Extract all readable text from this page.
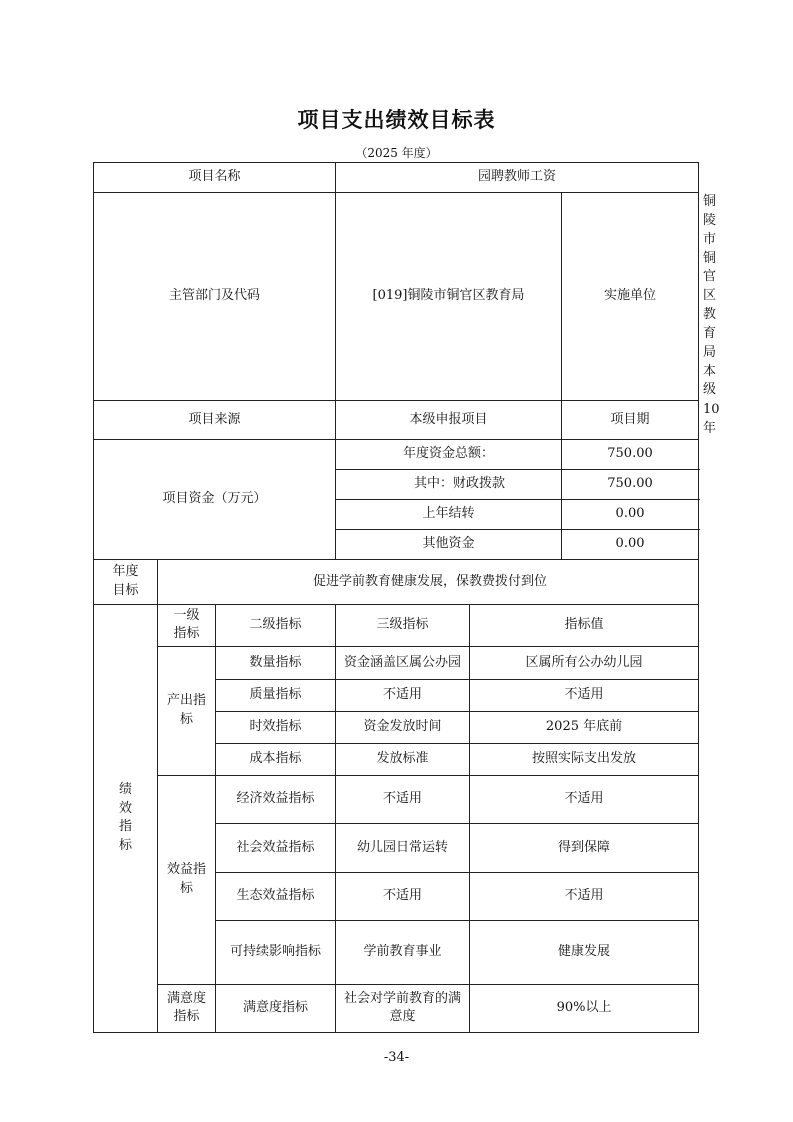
项目支出绩效目标表
（2025 年度）
项目名称			园聘教师工资			
主管部门及代码			[019]铜陵市铜官区教育局		实施单位	铜陵市铜官区教育局本级
项目来源			本级申报项目		项目期	10 年
项目资金（万元）			年度资金总额：		750.00	
			其中：财政拨款		750.00	
			上年结转		0.00	
			其他资金		0.00	
年度目标	促进学前教育健康发展，保教费拨付到位					
绩效指标	一级指标	二级指标	三级指标	指标值		
	产出指标	数量指标	资金涵盖区属公办园	区属所有公办幼儿园		
		质量指标	不适用	不适用		
		时效指标	资金发放时间	2025 年底前		
		成本指标	发放标准	按照实际支出发放		
	效益指标	经济效益指标	不适用	不适用		
		社会效益指标	幼儿园日常运转	得到保障		
		生态效益指标	不适用	不适用		
		可持续影响指标	学前教育事业	健康发展		
	满意度指标	满意度指标	社会对学前教育的满意度	90%以上		
-34-
